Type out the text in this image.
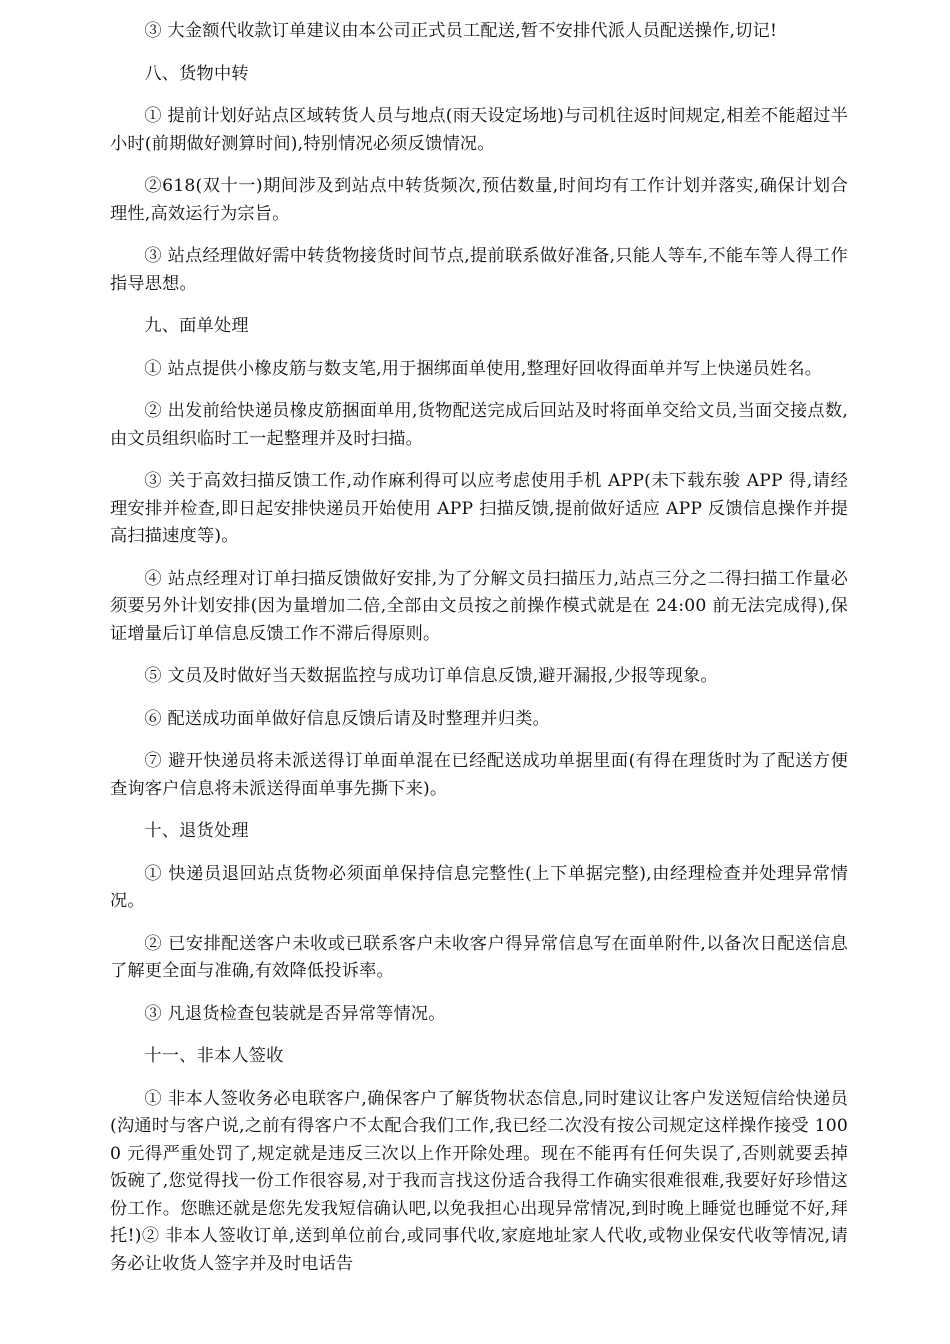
③ 大金额代收款订单建议由本公司正式员工配送,暂不安排代派人员配送操作,切记!

八、货物中转

① 提前计划好站点区域转货人员与地点(雨天设定场地)与司机往返时间规定,相差不能超过半小时(前期做好测算时间),特别情况必须反馈情况。

②618(双十一)期间涉及到站点中转货频次,预估数量,时间均有工作计划并落实,确保计划合理性,高效运行为宗旨。

③ 站点经理做好需中转货物接货时间节点,提前联系做好准备,只能人等车,不能车等人得工作指导思想。

九、面单处理

① 站点提供小橡皮筋与数支笔,用于捆绑面单使用,整理好回收得面单并写上快递员姓名。

② 出发前给快递员橡皮筋捆面单用,货物配送完成后回站及时将面单交给文员,当面交接点数,由文员组织临时工一起整理并及时扫描。

③ 关于高效扫描反馈工作,动作麻利得可以应考虑使用手机 APP(未下载东骏 APP 得,请经理安排并检查,即日起安排快递员开始使用 APP 扫描反馈,提前做好适应 APP 反馈信息操作并提高扫描速度等)。

④ 站点经理对订单扫描反馈做好安排,为了分解文员扫描压力,站点三分之二得扫描工作量必须要另外计划安排(因为量增加二倍,全部由文员按之前操作模式就是在 24:00 前无法完成得),保证增量后订单信息反馈工作不滞后得原则。

⑤ 文员及时做好当天数据监控与成功订单信息反馈,避开漏报,少报等现象。

⑥ 配送成功面单做好信息反馈后请及时整理并归类。

⑦ 避开快递员将未派送得订单面单混在已经配送成功单据里面(有得在理货时为了配送方便查询客户信息将未派送得面单事先撕下来)。

十、退货处理

① 快递员退回站点货物必须面单保持信息完整性(上下单据完整),由经理检查并处理异常情况。

② 已安排配送客户未收或已联系客户未收客户得异常信息写在面单附件,以备次日配送信息了解更全面与准确,有效降低投诉率。

③ 凡退货检查包装就是否异常等情况。

十一、非本人签收

① 非本人签收务必电联客户,确保客户了解货物状态信息,同时建议让客户发送短信给快递员(沟通时与客户说,之前有得客户不太配合我们工作,我已经二次没有按公司规定这样操作接受 1000 元得严重处罚了,规定就是违反三次以上作开除处理。现在不能再有任何失误了,否则就要丢掉饭碗了,您觉得找一份工作很容易,对于我而言找这份适合我得工作确实很难很难,我要好好珍惜这份工作。您瞧还就是您先发我短信确认吧,以免我担心出现异常情况,到时晚上睡觉也睡觉不好,拜托!)② 非本人签收订单,送到单位前台,或同事代收,家庭地址家人代收,或物业保安代收等情况,请务必让收货人签字并及时电话告
